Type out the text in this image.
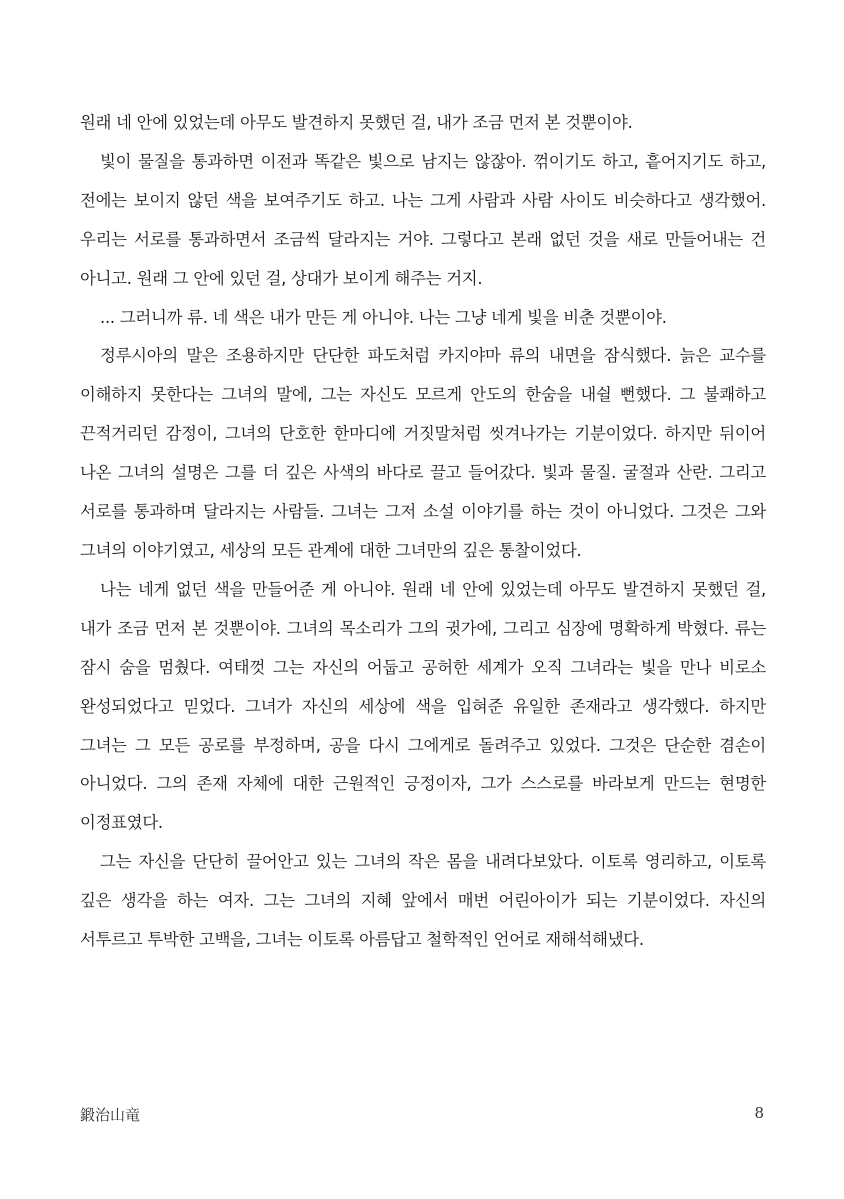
원래 네 안에 있었는데 아무도 발견하지 못했던 걸, 내가 조금 먼저 본 것뿐이야.

빛이 물질을 통과하면 이전과 똑같은 빛으로 남지는 않잖아. 꺾이기도 하고, 흩어지기도 하고, 전에는 보이지 않던 색을 보여주기도 하고. 나는 그게 사람과 사람 사이도 비슷하다고 생각했어. 우리는 서로를 통과하면서 조금씩 달라지는 거야. 그렇다고 본래 없던 것을 새로 만들어내는 건 아니고. 원래 그 안에 있던 걸, 상대가 보이게 해주는 거지.

... 그러니까 류. 네 색은 내가 만든 게 아니야. 나는 그냥 네게 빛을 비춘 것뿐이야.

정루시아의 말은 조용하지만 단단한 파도처럼 카지야마 류의 내면을 잠식했다. 늙은 교수를 이해하지 못한다는 그녀의 말에, 그는 자신도 모르게 안도의 한숨을 내쉴 뻔했다. 그 불쾌하고 끈적거리던 감정이, 그녀의 단호한 한마디에 거짓말처럼 씻겨나가는 기분이었다. 하지만 뒤이어 나온 그녀의 설명은 그를 더 깊은 사색의 바다로 끌고 들어갔다. 빛과 물질. 굴절과 산란. 그리고 서로를 통과하며 달라지는 사람들. 그녀는 그저 소설 이야기를 하는 것이 아니었다. 그것은 그와 그녀의 이야기였고, 세상의 모든 관계에 대한 그녀만의 깊은 통찰이었다.

나는 네게 없던 색을 만들어준 게 아니야. 원래 네 안에 있었는데 아무도 발견하지 못했던 걸, 내가 조금 먼저 본 것뿐이야. 그녀의 목소리가 그의 귓가에, 그리고 심장에 명확하게 박혔다. 류는 잠시 숨을 멈췄다. 여태껏 그는 자신의 어둡고 공허한 세계가 오직 그녀라는 빛을 만나 비로소 완성되었다고 믿었다. 그녀가 자신의 세상에 색을 입혀준 유일한 존재라고 생각했다. 하지만 그녀는 그 모든 공로를 부정하며, 공을 다시 그에게로 돌려주고 있었다. 그것은 단순한 겸손이 아니었다. 그의 존재 자체에 대한 근원적인 긍정이자, 그가 스스로를 바라보게 만드는 현명한 이정표였다.

그는 자신을 단단히 끌어안고 있는 그녀의 작은 몸을 내려다보았다. 이토록 영리하고, 이토록 깊은 생각을 하는 여자. 그는 그녀의 지혜 앞에서 매번 어린아이가 되는 기분이었다. 자신의 서투르고 투박한 고백을, 그녀는 이토록 아름답고 철학적인 언어로 재해석해냈다.

鍛治山竜	8
